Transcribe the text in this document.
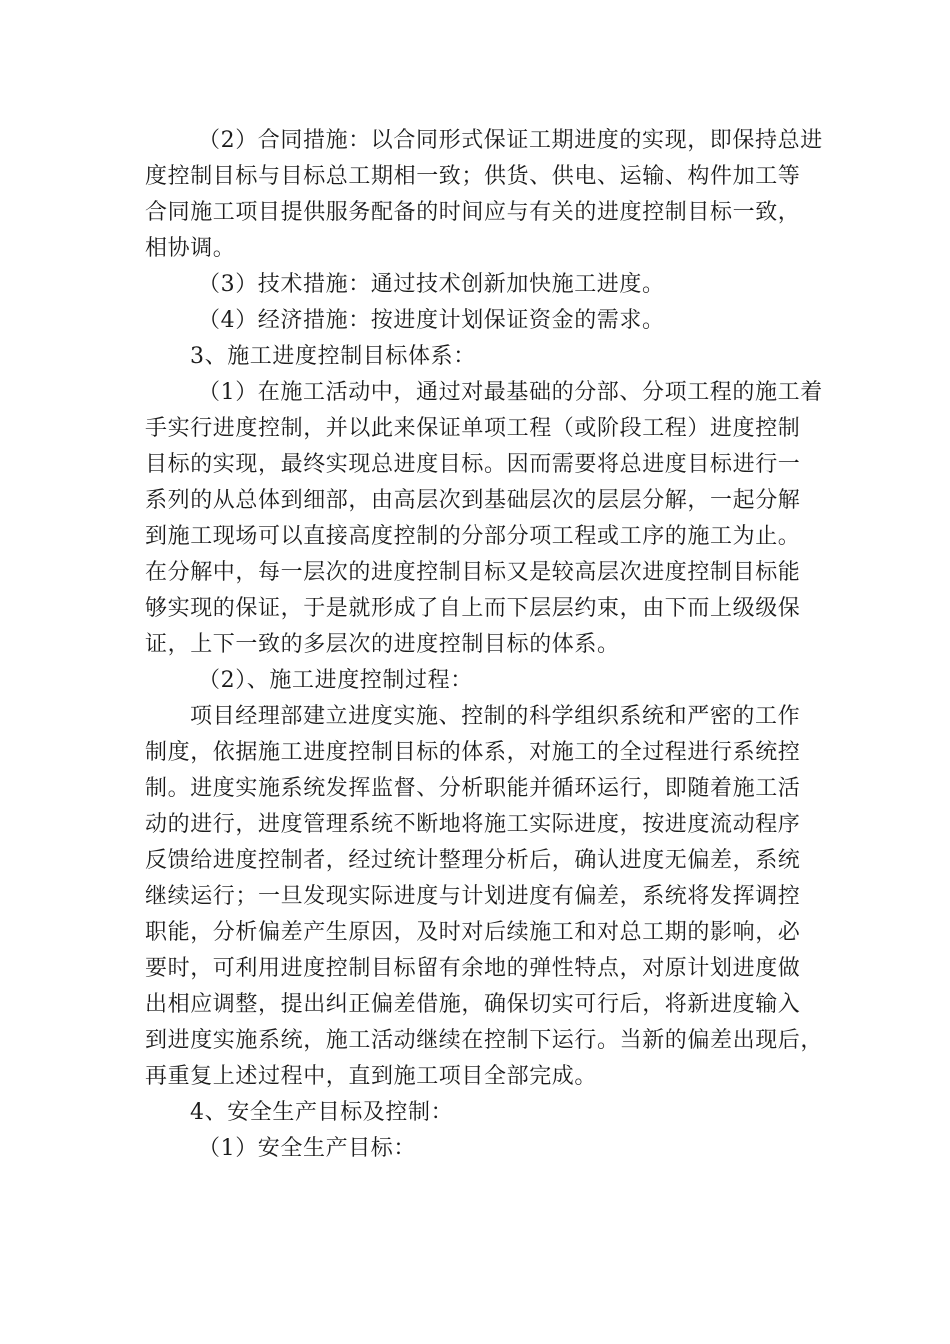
（2）合同措施：以合同形式保证工期进度的实现，即保持总进
度控制目标与目标总工期相一致；供货、供电、运输、构件加工等
合同施工项目提供服务配备的时间应与有关的进度控制目标一致，
相协调。
（3）技术措施：通过技术创新加快施工进度。
（4）经济措施：按进度计划保证资金的需求。
3、施工进度控制目标体系：
（1）在施工活动中，通过对最基础的分部、分项工程的施工着
手实行进度控制，并以此来保证单项工程（或阶段工程）进度控制
目标的实现，最终实现总进度目标。因而需要将总进度目标进行一
系列的从总体到细部，由高层次到基础层次的层层分解，一起分解
到施工现场可以直接高度控制的分部分项工程或工序的施工为止。
在分解中，每一层次的进度控制目标又是较高层次进度控制目标能
够实现的保证，于是就形成了自上而下层层约束，由下而上级级保
证，上下一致的多层次的进度控制目标的体系。
（2）、施工进度控制过程：
项目经理部建立进度实施、控制的科学组织系统和严密的工作
制度，依据施工进度控制目标的体系，对施工的全过程进行系统控
制。进度实施系统发挥监督、分析职能并循环运行，即随着施工活
动的进行，进度管理系统不断地将施工实际进度，按进度流动程序
反馈给进度控制者，经过统计整理分析后，确认进度无偏差，系统
继续运行；一旦发现实际进度与计划进度有偏差，系统将发挥调控
职能，分析偏差产生原因，及时对后续施工和对总工期的影响，必
要时，可利用进度控制目标留有余地的弹性特点，对原计划进度做
出相应调整，提出纠正偏差借施，确保切实可行后，将新进度输入
到进度实施系统，施工活动继续在控制下运行。当新的偏差出现后，
再重复上述过程中，直到施工项目全部完成。
4、安全生产目标及控制：
（1）安全生产目标：
